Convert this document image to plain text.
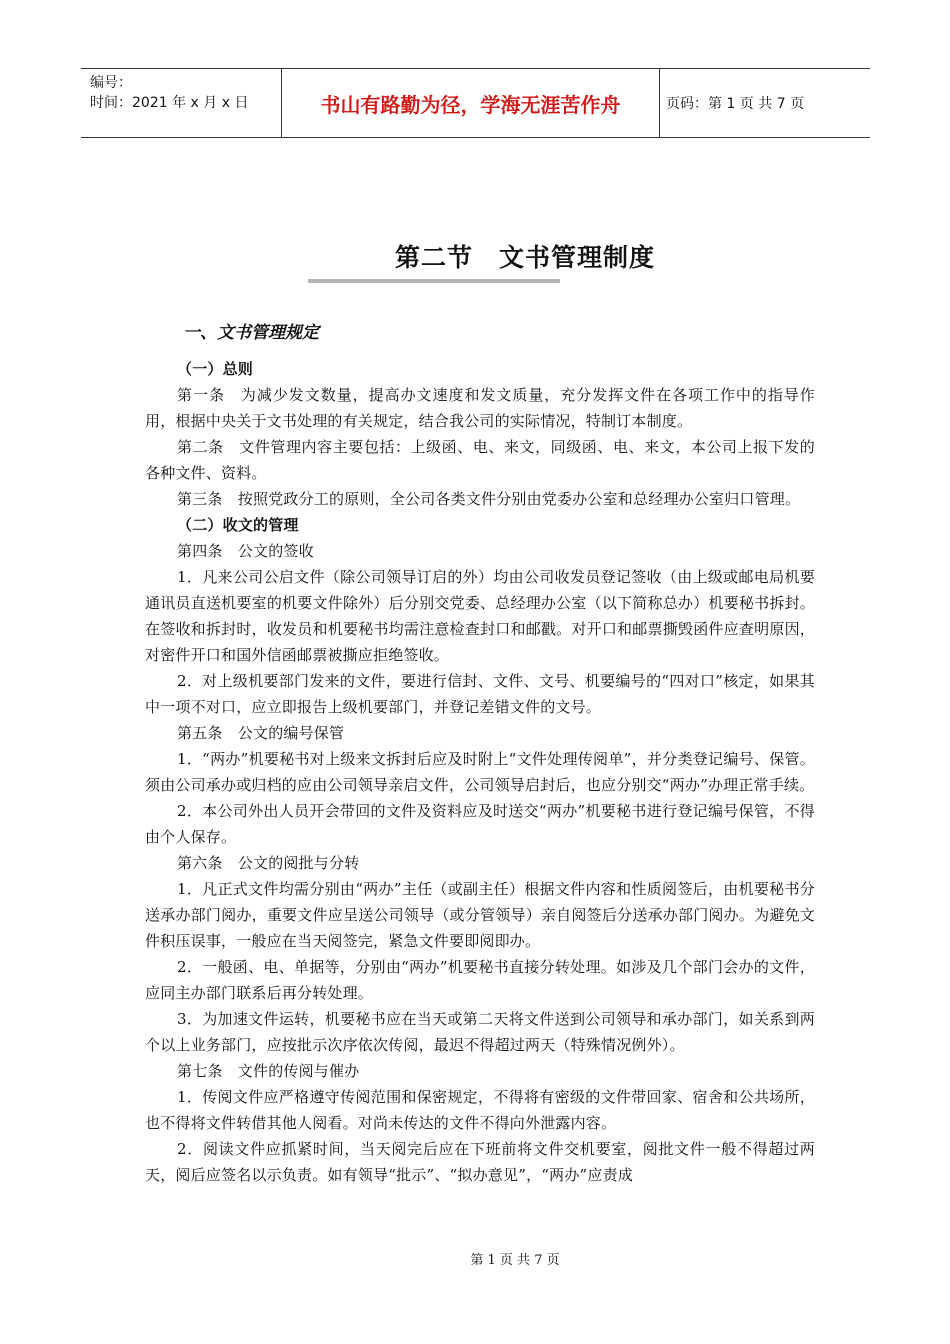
编号：
时间：2021 年 x 月 x 日	书山有路勤为径，学海无涯苦作舟	页码：第 1 页 共 7 页
第二节　文书管理制度
一、文书管理规定

（一）总则

第一条　为减少发文数量，提高办文速度和发文质量，充分发挥文件在各项工作中的指导作用，根据中央关于文书处理的有关规定，结合我公司的实际情况，特制订本制度。

第二条　文件管理内容主要包括：上级函、电、来文，同级函、电、来文，本公司上报下发的各种文件、资料。

第三条　按照党政分工的原则，全公司各类文件分别由党委办公室和总经理办公室归口管理。

（二）收文的管理

第四条　公文的签收

1．凡来公司公启文件（除公司领导订启的外）均由公司收发员登记签收（由上级或邮电局机要通讯员直送机要室的机要文件除外）后分别交党委、总经理办公室（以下简称总办）机要秘书拆封。在签收和拆封时，收发员和机要秘书均需注意检查封口和邮戳。对开口和邮票撕毁函件应查明原因，对密件开口和国外信函邮票被撕应拒绝签收。

2．对上级机要部门发来的文件，要进行信封、文件、文号、机要编号的“四对口”核定，如果其中一项不对口，应立即报告上级机要部门，并登记差错文件的文号。

第五条　公文的编号保管

1．“两办”机要秘书对上级来文拆封后应及时附上“文件处理传阅单”，并分类登记编号、保管。须由公司承办或归档的应由公司领导亲启文件，公司领导启封后，也应分别交“两办”办理正常手续。

2．本公司外出人员开会带回的文件及资料应及时送交“两办”机要秘书进行登记编号保管，不得由个人保存。

第六条　公文的阅批与分转

1．凡正式文件均需分别由“两办”主任（或副主任）根据文件内容和性质阅签后，由机要秘书分送承办部门阅办，重要文件应呈送公司领导（或分管领导）亲自阅签后分送承办部门阅办。为避免文件积压误事，一般应在当天阅签完，紧急文件要即阅即办。

2．一般函、电、单据等，分别由“两办”机要秘书直接分转处理。如涉及几个部门会办的文件，应同主办部门联系后再分转处理。

3．为加速文件运转，机要秘书应在当天或第二天将文件送到公司领导和承办部门，如关系到两个以上业务部门，应按批示次序依次传阅，最迟不得超过两天（特殊情况例外）。

第七条　文件的传阅与催办

1．传阅文件应严格遵守传阅范围和保密规定，不得将有密级的文件带回家、宿舍和公共场所，也不得将文件转借其他人阅看。对尚未传达的文件不得向外泄露内容。

2．阅读文件应抓紧时间，当天阅完后应在下班前将文件交机要室，阅批文件一般不得超过两天，阅后应签名以示负责。如有领导“批示”、“拟办意见”，“两办”应责成

第 1 页 共 7 页
